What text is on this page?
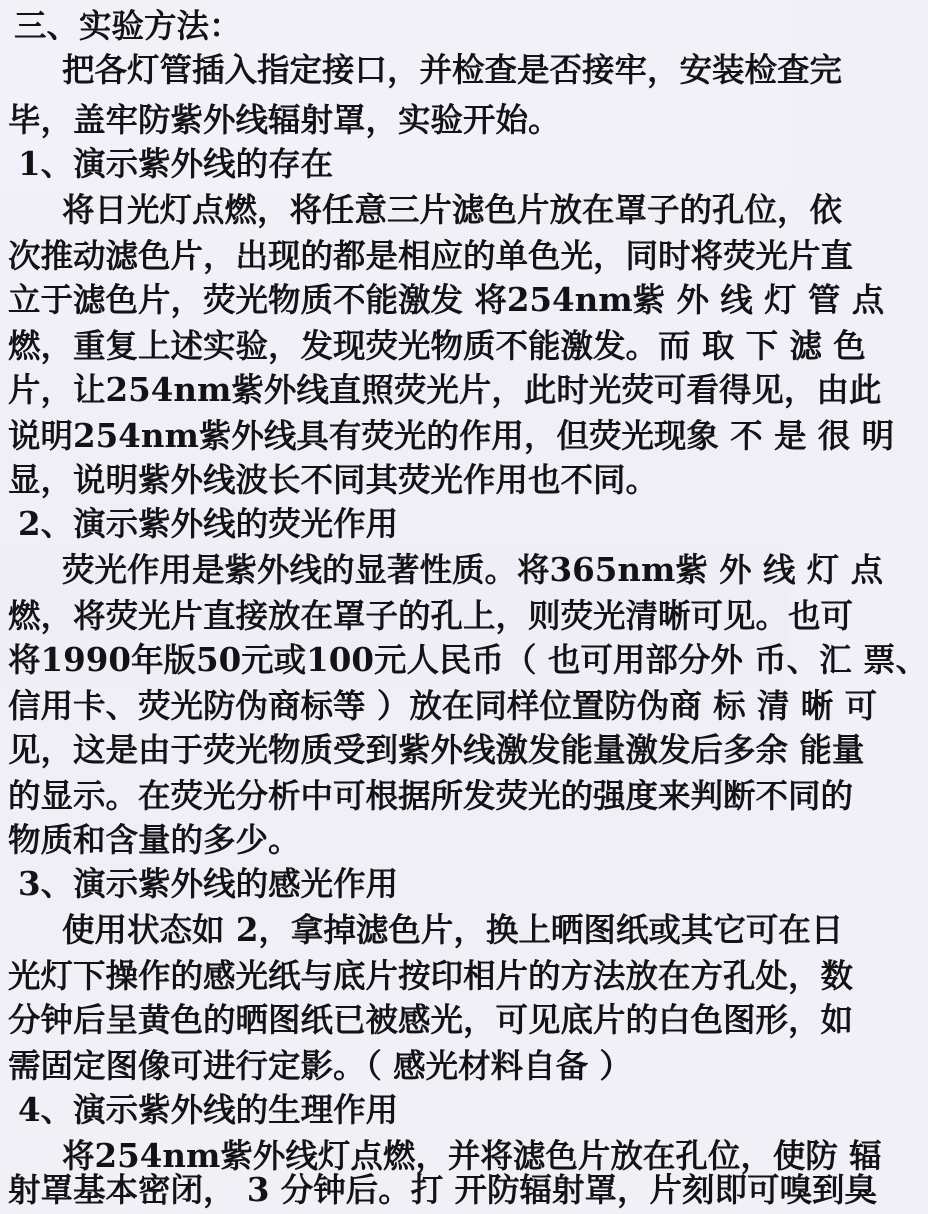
三、实验方法：
把各灯管插入指定接口，并检查是否接牢，安装检查完
毕，盖牢防紫外线辐射罩，实验开始。
1、演示紫外线的存在
将日光灯点燃，将任意三片滤色片放在罩子的孔位，依
次推动滤色片，出现的都是相应的单色光，同时将荧光片直
立于滤色片，荧光物质不能激发 将254nm紫 外 线 灯 管 点
燃，重复上述实验，发现荧光物质不能激发。而 取 下 滤 色
片，让254nm紫外线直照荧光片，此时光荧可看得见，由此
说明254nm紫外线具有荧光的作用，但荧光现象 不 是 很 明
显，说明紫外线波长不同其荧光作用也不同。
2、演示紫外线的荧光作用
荧光作用是紫外线的显著性质。将365nm紫 外 线 灯 点
燃，将荧光片直接放在罩子的孔上，则荧光清晰可见。也可
将1990年版50元或100元人民币（ 也可用部分外 币、汇 票、
信用卡、荧光防伪商标等 ）放在同样位置防伪商 标 清 晰 可
见，这是由于荧光物质受到紫外线激发能量激发后多余 能量
的显示。在荧光分析中可根据所发荧光的强度来判断不同的
物质和含量的多少。
3、演示紫外线的感光作用
使用状态如 2，拿掉滤色片，换上晒图纸或其它可在日
光灯下操作的感光纸与底片按印相片的方法放在方孔处，数
分钟后呈黄色的晒图纸已被感光，可见底片的白色图形，如
需固定图像可进行定影。（ 感光材料自备 ）
4、演示紫外线的生理作用
将254nm紫外线灯点燃，并将滤色片放在孔位，使防 辐
射罩基本密闭， 3 分钟后。打 开防辐射罩，片刻即可嗅到臭
